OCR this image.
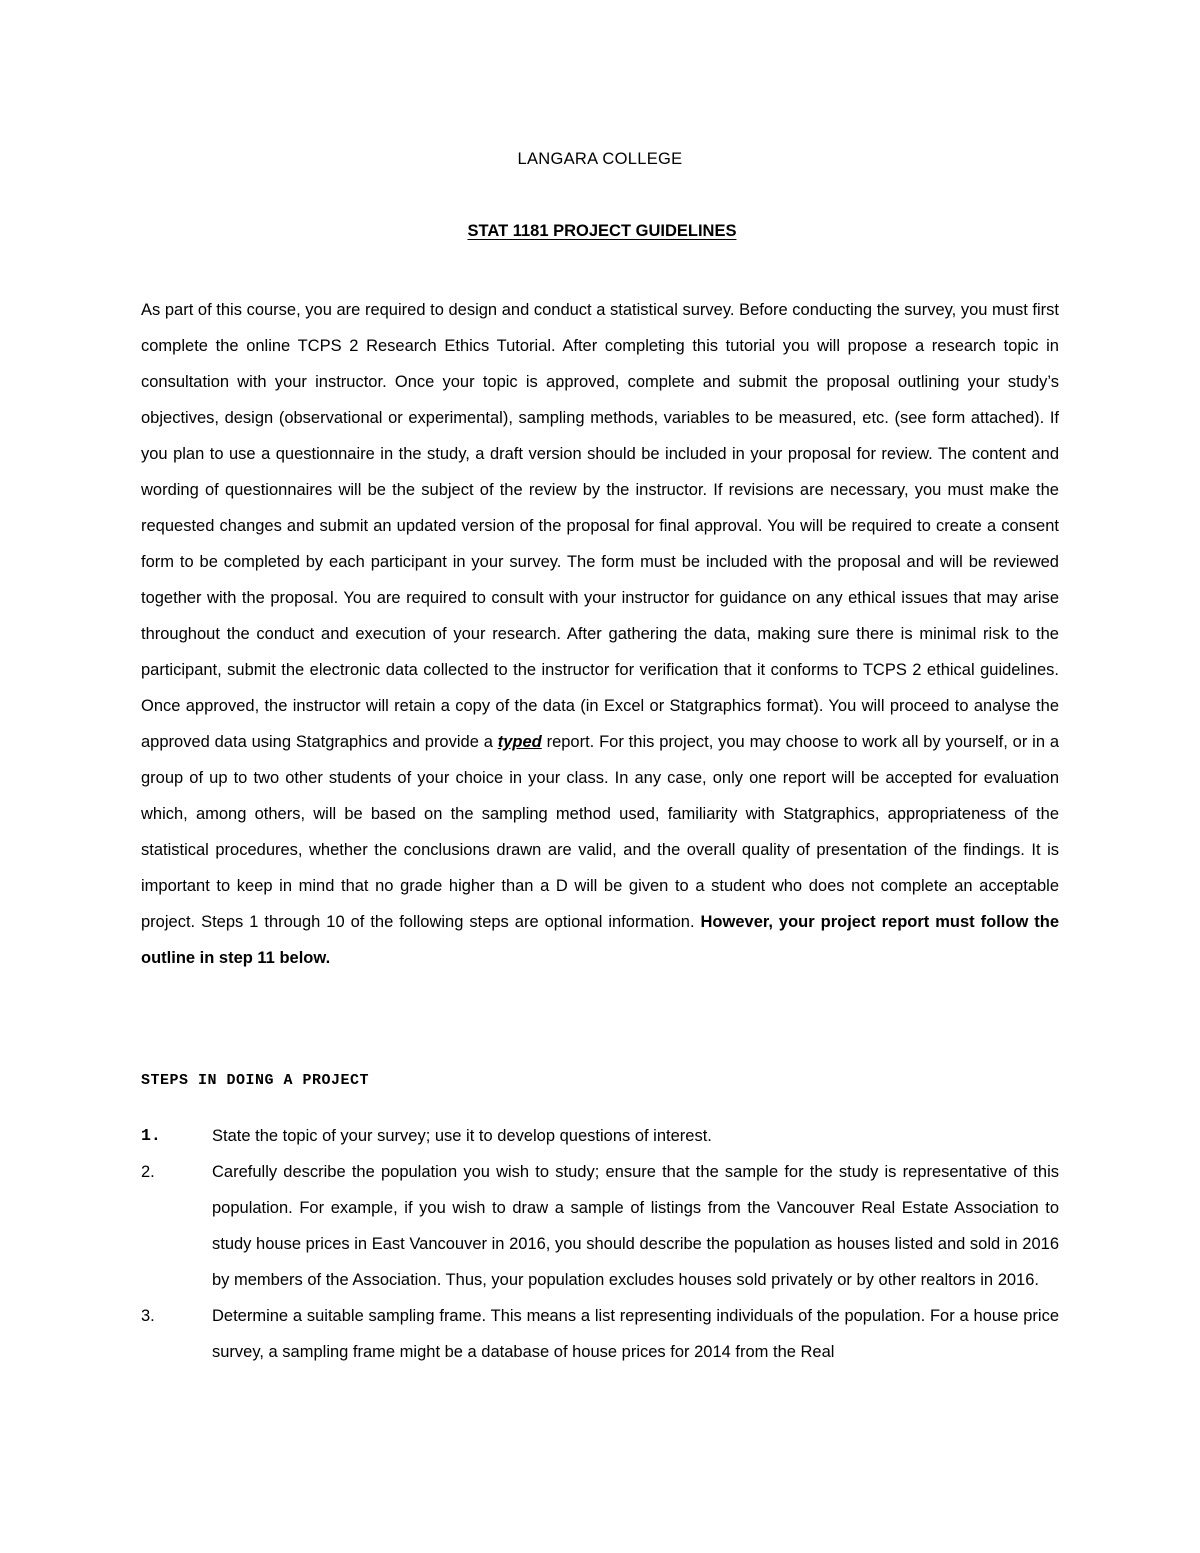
LANGARA COLLEGE
STAT 1181 PROJECT GUIDELINES

As part of this course, you are required to design and conduct a statistical survey. Before conducting the survey, you must first complete the online TCPS 2 Research Ethics Tutorial. After completing this tutorial you will propose a research topic in consultation with your instructor. Once your topic is approved, complete and submit the proposal outlining your study’s objectives, design (observational or experimental), sampling methods, variables to be measured, etc. (see form attached). If you plan to use a questionnaire in the study, a draft version should be included in your proposal for review. The content and wording of questionnaires will be the subject of the review by the instructor. If revisions are necessary, you must make the requested changes and submit an updated version of the proposal for final approval. You will be required to create a consent form to be completed by each participant in your survey. The form must be included with the proposal and will be reviewed together with the proposal. You are required to consult with your instructor for guidance on any ethical issues that may arise throughout the conduct and execution of your research. After gathering the data, making sure there is minimal risk to the participant, submit the electronic data collected to the instructor for verification that it conforms to TCPS 2 ethical guidelines. Once approved, the instructor will retain a copy of the data (in Excel or Statgraphics format). You will proceed to analyse the approved data using Statgraphics and provide a typed report. For this project, you may choose to work all by yourself, or in a group of up to two other students of your choice in your class. In any case, only one report will be accepted for evaluation which, among others, will be based on the sampling method used, familiarity with Statgraphics, appropriateness of the statistical procedures, whether the conclusions drawn are valid, and the overall quality of presentation of the findings. It is important to keep in mind that no grade higher than a D will be given to a student who does not complete an acceptable project. Steps 1 through 10 of the following steps are optional information. However, your project report must follow the outline in step 11 below.

STEPS IN DOING A PROJECT
1.	State the topic of your survey; use it to develop questions of interest.
2.	Carefully describe the population you wish to study; ensure that the sample for the study is representative of this population. For example, if you wish to draw a sample of listings from the Vancouver Real Estate Association to study house prices in East Vancouver in 2016, you should describe the population as houses listed and sold in 2016 by members of the Association. Thus, your population excludes houses sold privately or by other realtors in 2016.
3.	Determine a suitable sampling frame. This means a list representing individuals of the population. For a house price survey, a sampling frame might be a database of house prices for 2014 from the Real
